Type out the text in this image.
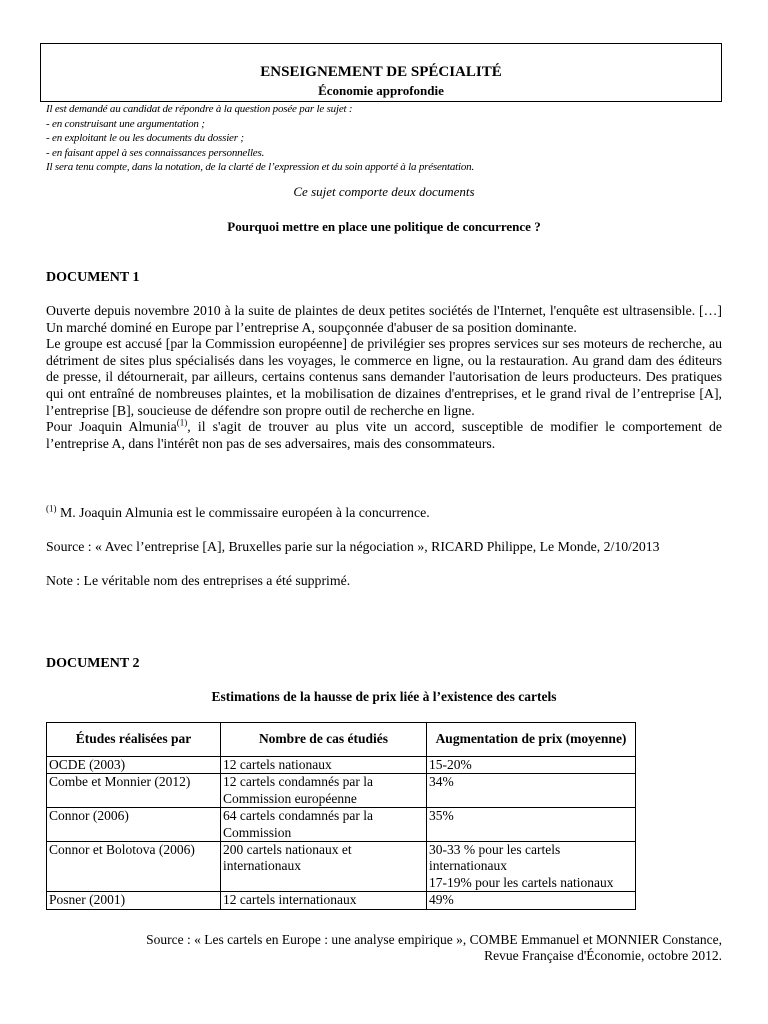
ENSEIGNEMENT DE SPÉCIALITÉ
Économie approfondie
Il est demandé au candidat de répondre à la question posée par le sujet :
- en construisant une argumentation ;
- en exploitant le ou les documents du dossier ;
- en faisant appel à ses connaissances personnelles.
Il sera tenu compte, dans la notation, de la clarté de l’expression et du soin apporté à la présentation.
Ce sujet comporte deux documents
Pourquoi mettre en place une politique de concurrence ?
DOCUMENT 1

Ouverte depuis novembre 2010 à la suite de plaintes de deux petites sociétés de l'Internet, l'enquête est ultrasensible. […] Un marché dominé en Europe par l’entreprise A, soupçonnée d'abuser de sa position dominante.

Le groupe est accusé [par la Commission européenne] de privilégier ses propres services sur ses moteurs de recherche, au détriment de sites plus spécialisés dans les voyages, le commerce en ligne, ou la restauration. Au grand dam des éditeurs de presse, il détournerait, par ailleurs, certains contenus sans demander l'autorisation de leurs producteurs. Des pratiques qui ont entraîné de nombreuses plaintes, et la mobilisation de dizaines d'entreprises, et le grand rival de l’entreprise [A], l’entreprise [B], soucieuse de défendre son propre outil de recherche en ligne.

Pour Joaquin Almunia$^{(1)}$, il s'agit de trouver au plus vite un accord, susceptible de modifier le comportement de l’entreprise A, dans l'intérêt non pas de ses adversaires, mais des consommateurs.

$^{(1)}$ M. Joaquin Almunia est le commissaire européen à la concurrence.
Source : « Avec l’entreprise [A], Bruxelles parie sur la négociation », RICARD Philippe, Le Monde, 2/10/2013
Note : Le véritable nom des entreprises a été supprimé.
DOCUMENT 2
Estimations de la hausse de prix liée à l’existence des cartels
Études réalisées par	Nombre de cas étudiés	Augmentation de prix (moyenne)
OCDE (2003)	12 cartels nationaux	15-20%
Combe et Monnier (2012)	12 cartels condamnés par la Commission européenne	34%
Connor (2006)	64 cartels condamnés par la Commission	35%
Connor et Bolotova (2006)	200 cartels nationaux et internationaux	30-33 % pour les cartels internationaux
17-19% pour les cartels nationaux

Posner (2001)	12 cartels internationaux	49%
Source : « Les cartels en Europe : une analyse empirique », COMBE Emmanuel et MONNIER Constance,
Revue Française d'Économie, octobre 2012.
